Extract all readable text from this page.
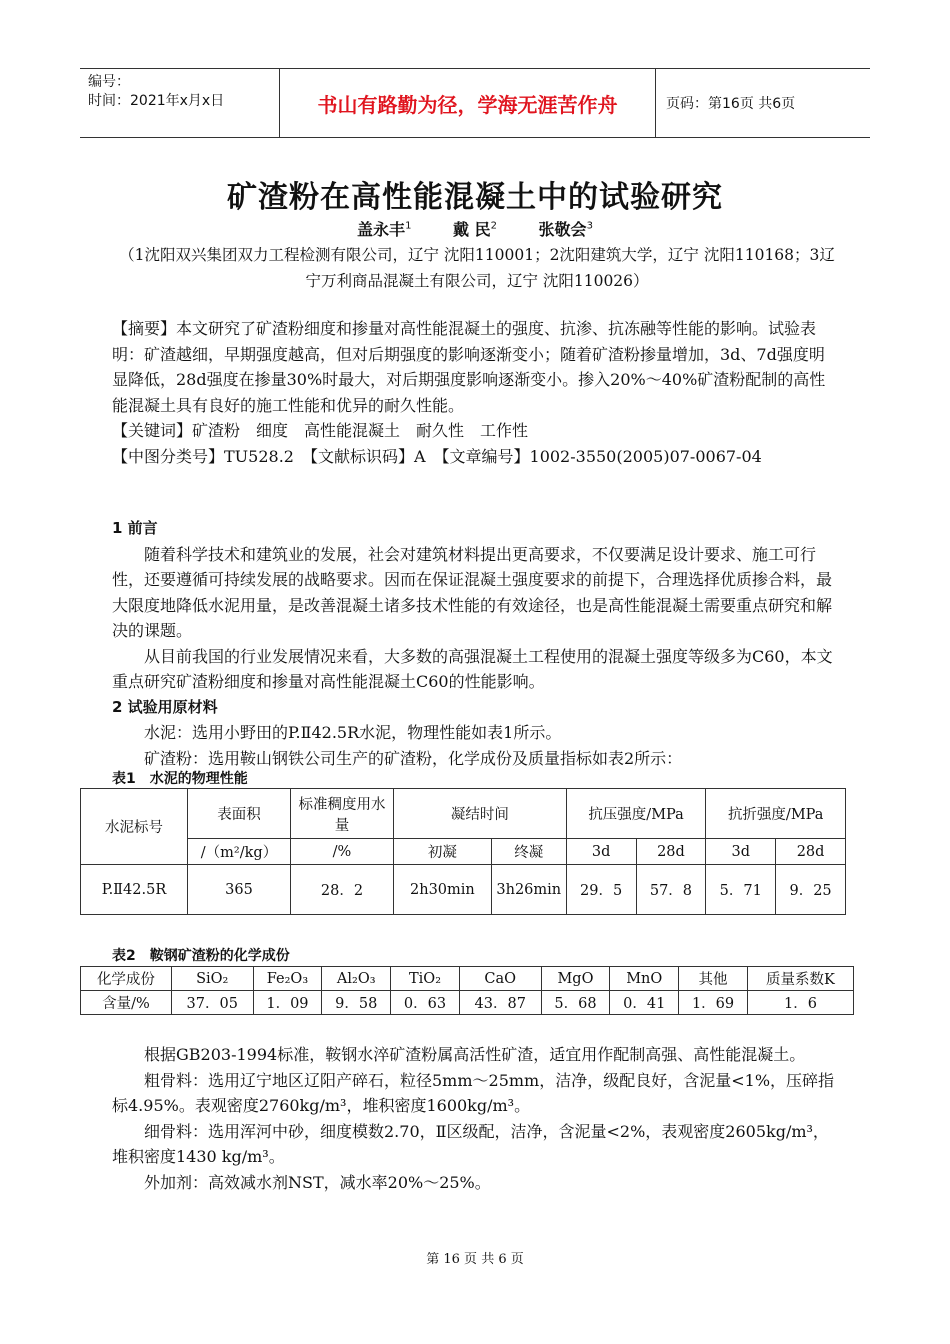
编号：
时间：2021年x月x日	书山有路勤为径，学海无涯苦作舟	页码：第16页 共6页
矿渣粉在高性能混凝土中的试验研究
盖永丰$^1$	戴 民$^2$	张敬会$^3$
（1沈阳双兴集团双力工程检测有限公司，辽宁 沈阳110001；2沈阳建筑大学，辽宁 沈阳110168；3辽宁万利商品混凝土有限公司，辽宁 沈阳110026）

【摘要】本文研究了矿渣粉细度和掺量对高性能混凝土的强度、抗渗、抗冻融等性能的影响。试验表明：矿渣越细，早期强度越高，但对后期强度的影响逐渐变小；随着矿渣粉掺量增加，3d、7d强度明显降低，28d强度在掺量30%时最大，对后期强度影响逐渐变小。掺入20%～40%矿渣粉配制的高性能混凝土具有良好的施工性能和优异的耐久性能。

【关键词】矿渣粉　细度　高性能混凝土　耐久性　工作性

【中图分类号】TU528.2　【文献标识码】A　【文章编号】1002-3550(2005)07-0067-04

1 前言

随着科学技术和建筑业的发展，社会对建筑材料提出更高要求，不仅要满足设计要求、施工可行性，还要遵循可持续发展的战略要求。因而在保证混凝土强度要求的前提下，合理选择优质掺合料，最大限度地降低水泥用量，是改善混凝土诸多技术性能的有效途径，也是高性能混凝土需要重点研究和解决的课题。

从目前我国的行业发展情况来看，大多数的高强混凝土工程使用的混凝土强度等级多为C60，本文重点研究矿渣粉细度和掺量对高性能混凝土C60的性能影响。

2 试验用原材料

水泥：选用小野田的P.Ⅱ42.5R水泥，物理性能如表1所示。

矿渣粉：选用鞍山钢铁公司生产的矿渣粉，化学成份及质量指标如表2所示：

表1　水泥的物理性能
水泥标号	表面积	标准稠度用水量	凝结时间		抗压强度/MPa		抗折强度/MPa	
	/（m²/kg）	/%	初凝	终凝	3d	28d	3d	28d
P.Ⅱ42.5R	365	28．2	2h30min	3h26min	29．5	57．8	5．71	9．25
表2　鞍钢矿渣粉的化学成份
化学成份	SiO₂	Fe₂O₃	Al₂O₃	TiO₂	CaO	MgO	MnO	其他	质量系数K
含量/%	37．05	1．09	9．58	0．63	43．87	5．68	0．41	1．69	1．6

根据GB203-1994标准，鞍钢水淬矿渣粉属高活性矿渣，适宜用作配制高强、高性能混凝土。

粗骨料：选用辽宁地区辽阳产碎石，粒径5mm～25mm，洁净，级配良好，含泥量<1%，压碎指标4.95%。表观密度2760kg/m³，堆积密度1600kg/m³。

细骨料：选用浑河中砂，细度模数2.70，Ⅱ区级配，洁净，含泥量<2%，表观密度2605kg/m³，堆积密度1430 kg/m³。

外加剂：高效减水剂NST，减水率20%～25%。

第 16 页 共 6 页
